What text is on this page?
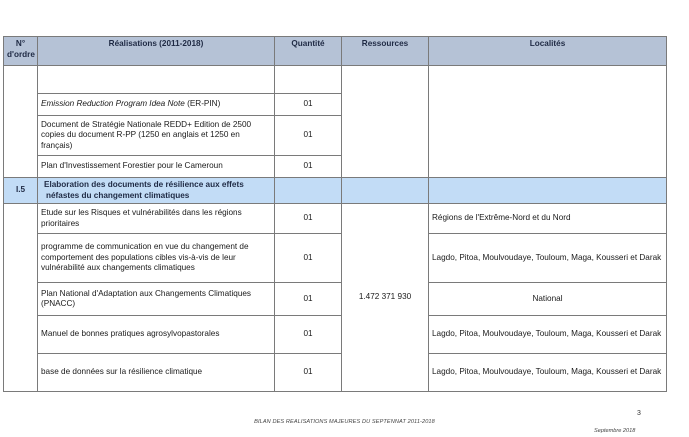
N° d'ordre	Réalisations (2011-2018)	Quantité	Ressources	Localités

	Emission Reduction Program Idea Note (ER-PIN)	01		
	Document de Stratégie Nationale REDD+ Edition de 2500 copies du document R-PP (1250 en anglais et 1250 en français)	01		
	Plan d'Investissement Forestier pour le Cameroun	01		
I.5	Elaboration des documents de résilience aux effets néfastes du changement climatiques			
	Etude sur les Risques et vulnérabilités dans les régions prioritaires	01	1.472 371 930	Régions de l'Extrême-Nord et du Nord
	programme de communication en vue du changement de comportement des populations cibles vis-à-vis de leur vulnérabilité aux changements climatiques	01		Lagdo, Pitoa, Moulvoudaye, Touloum, Maga, Kousseri et Darak
	Plan National d'Adaptation aux Changements Climatiques (PNACC)	01		National
	Manuel de bonnes pratiques agrosylvopastorales	01		Lagdo, Pitoa, Moulvoudaye, Touloum, Maga, Kousseri et Darak
	base de données sur la résilience climatique	01		Lagdo, Pitoa, Moulvoudaye, Touloum, Maga, Kousseri et Darak
3
BILAN DES REALISATIONS MAJEURES DU SEPTENNAT 2011-2018
Septembre 2018
